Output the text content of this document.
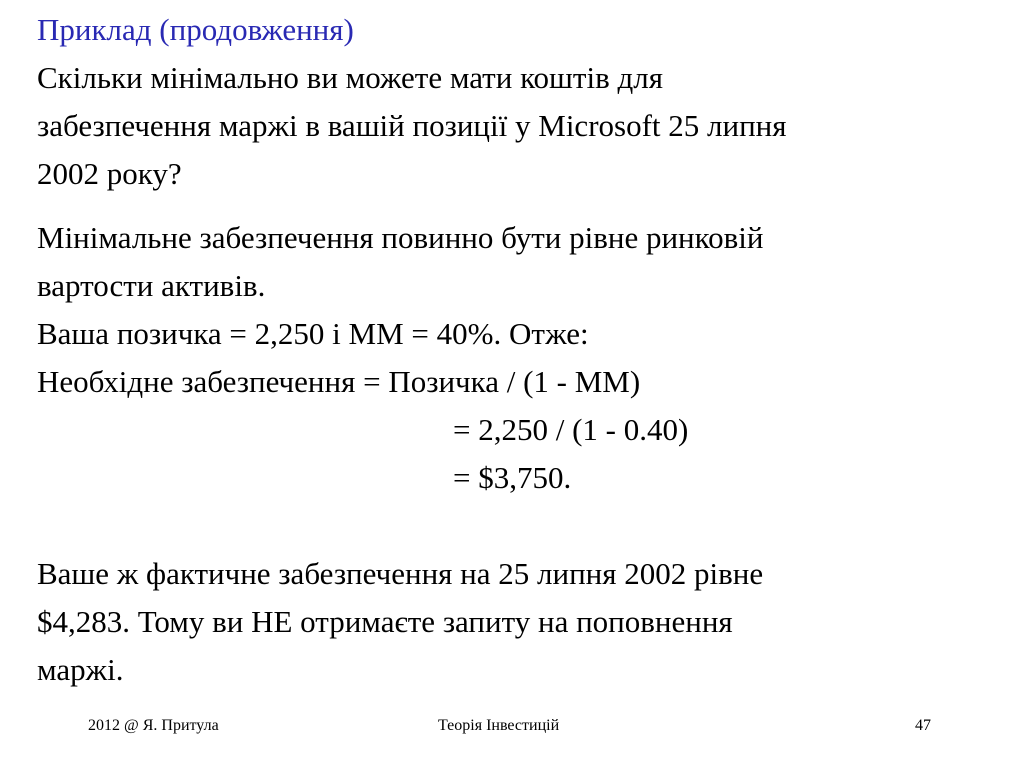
Приклад (продовження)
Скільки мінімально ви можете мати коштів для
забезпечення маржі в вашій позиції у Microsoft 25 липня
2002 року?
Мінімальне забезпечення повинно бути рівне ринковій
вартости активів.
Ваша позичка = 2,250 і MM = 40%. Отже:
Необхідне забезпечення = Позичка / (1 - MM)
= 2,250 / (1 - 0.40)
= $3,750.
Ваше ж фактичне забезпечення на 25 липня 2002 рівне
$4,283. Тому ви НЕ отримаєте запиту на поповнення
маржі.
2012 @ Я. Притула	Теорія Інвестицій	47
